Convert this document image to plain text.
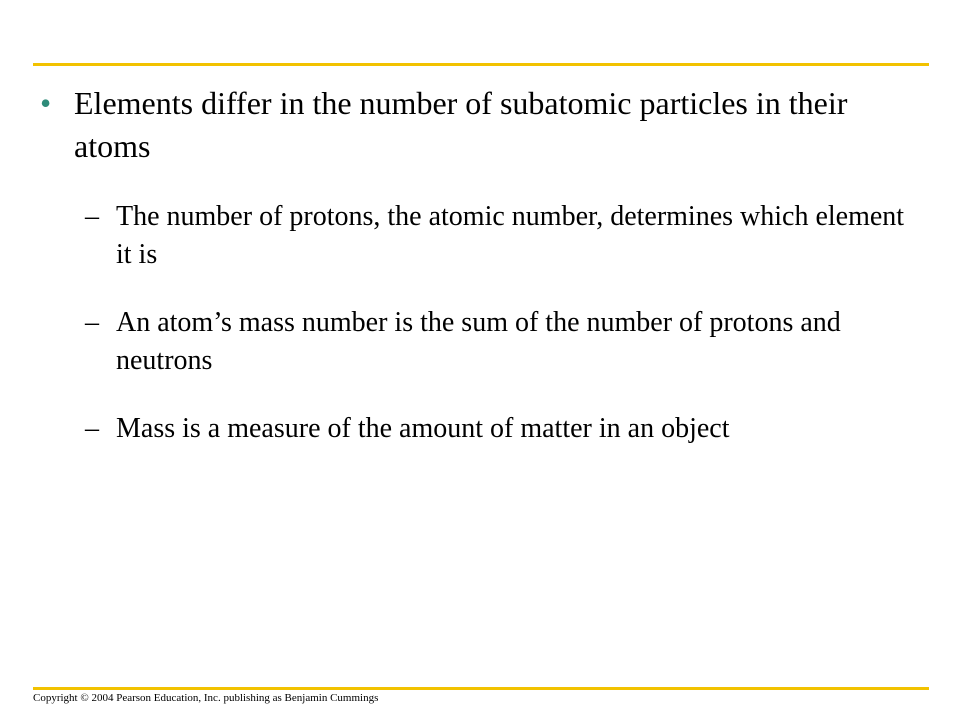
• Elements differ in the number of subatomic particles in their atoms
– The number of protons, the atomic number, determines which element it is
– An atom’s mass number is the sum of the number of protons and neutrons
– Mass is a measure of the amount of matter in an object
Copyright © 2004 Pearson Education, Inc. publishing as Benjamin Cummings
